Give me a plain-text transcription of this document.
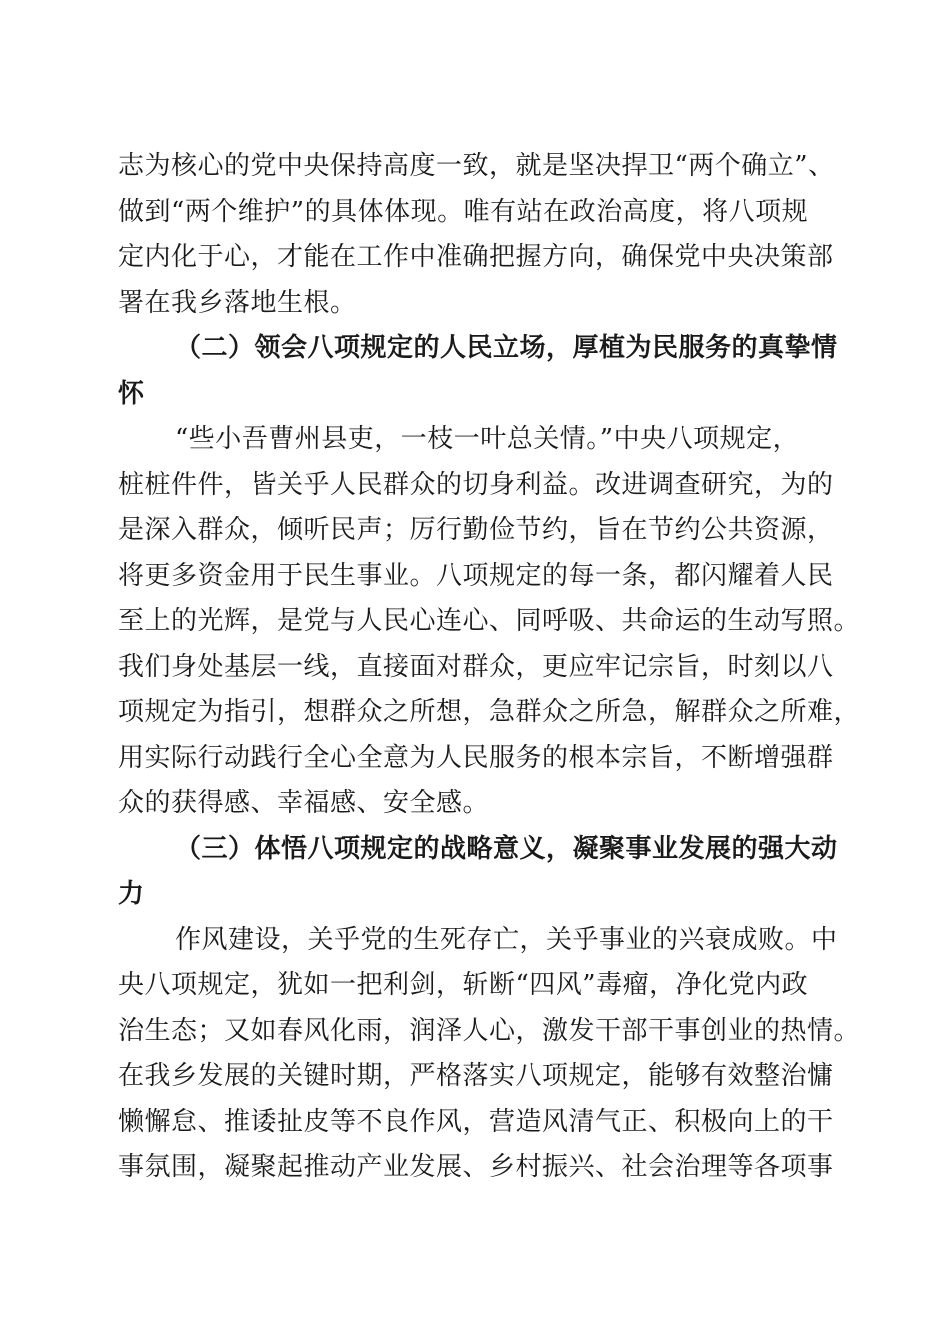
志为核心的党中央保持高度一致，就是坚决捍卫“两个确立”、
做到“两个维护”的具体体现。唯有站在政治高度，将八项规
定内化于心，才能在工作中准确把握方向，确保党中央决策部
署在我乡落地生根。
（二）领会八项规定的人民立场，厚植为民服务的真挚情
怀
“些小吾曹州县吏，一枝一叶总关情。”中央八项规定，
桩桩件件，皆关乎人民群众的切身利益。改进调查研究，为的
是深入群众，倾听民声；厉行勤俭节约，旨在节约公共资源，
将更多资金用于民生事业。八项规定的每一条，都闪耀着人民
至上的光辉，是党与人民心连心、同呼吸、共命运的生动写照。
我们身处基层一线，直接面对群众，更应牢记宗旨，时刻以八
项规定为指引，想群众之所想，急群众之所急，解群众之所难，
用实际行动践行全心全意为人民服务的根本宗旨，不断增强群
众的获得感、幸福感、安全感。
（三）体悟八项规定的战略意义，凝聚事业发展的强大动
力
作风建设，关乎党的生死存亡，关乎事业的兴衰成败。中
央八项规定，犹如一把利剑，斩断“四风”毒瘤，净化党内政
治生态；又如春风化雨，润泽人心，激发干部干事创业的热情。
在我乡发展的关键时期，严格落实八项规定，能够有效整治慵
懒懈怠、推诿扯皮等不良作风，营造风清气正、积极向上的干
事氛围，凝聚起推动产业发展、乡村振兴、社会治理等各项事
